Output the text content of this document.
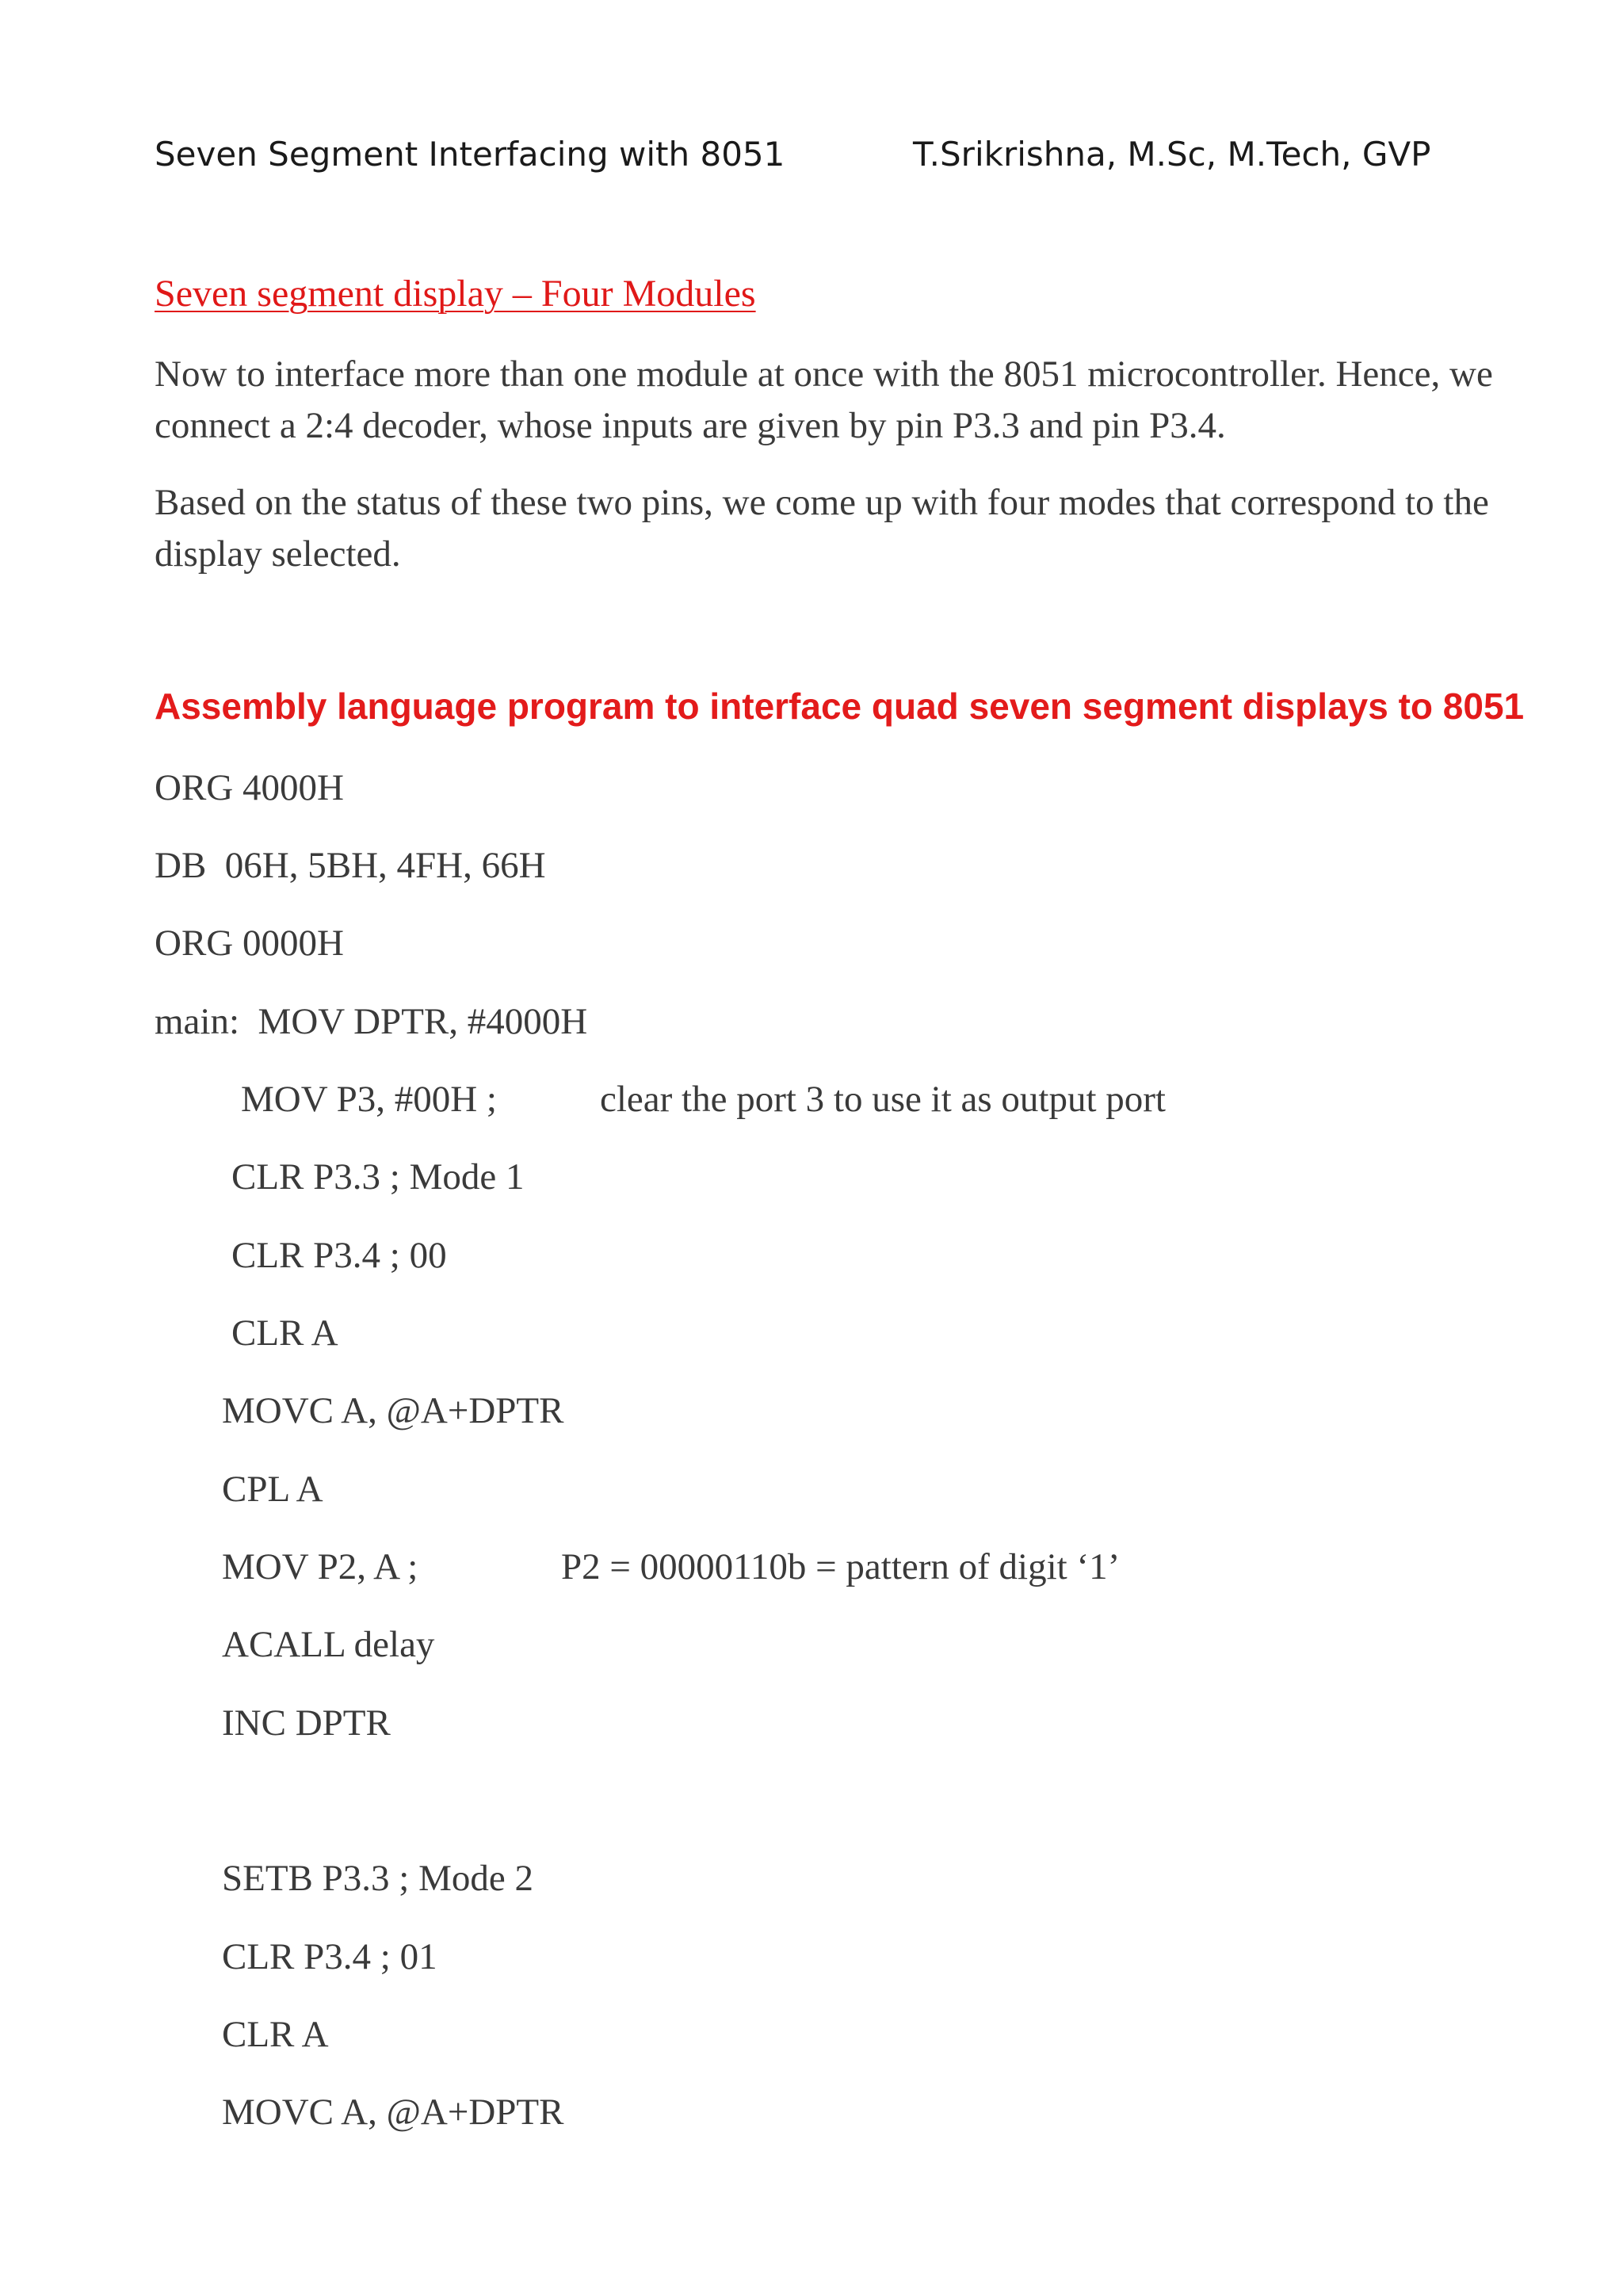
Seven Segment Interfacing with 8051	T.Srikrishna, M.Sc, M.Tech, GVP
Seven segment display – Four Modules
Now to interface more than one module at once with the 8051 microcontroller. Hence, we connect a 2:4 decoder, whose inputs are given by pin P3.3 and pin P3.4.
Based on the status of these two pins, we come up with four modes that correspond to the display selected.
Assembly language program to interface quad seven segment displays to 8051
ORG 4000H
DB  06H, 5BH, 4FH, 66H
ORG 0000H
main:  MOV DPTR, #4000H
MOV P3, #00H ;	clear the port 3 to use it as output port
CLR P3.3 ; Mode 1
CLR P3.4 ; 00
CLR A
MOVC A, @A+DPTR
CPL A
MOV P2, A ;	P2 = 00000110b = pattern of digit ‘1’
ACALL delay
INC DPTR
SETB P3.3 ; Mode 2
CLR P3.4 ; 01
CLR A
MOVC A, @A+DPTR
